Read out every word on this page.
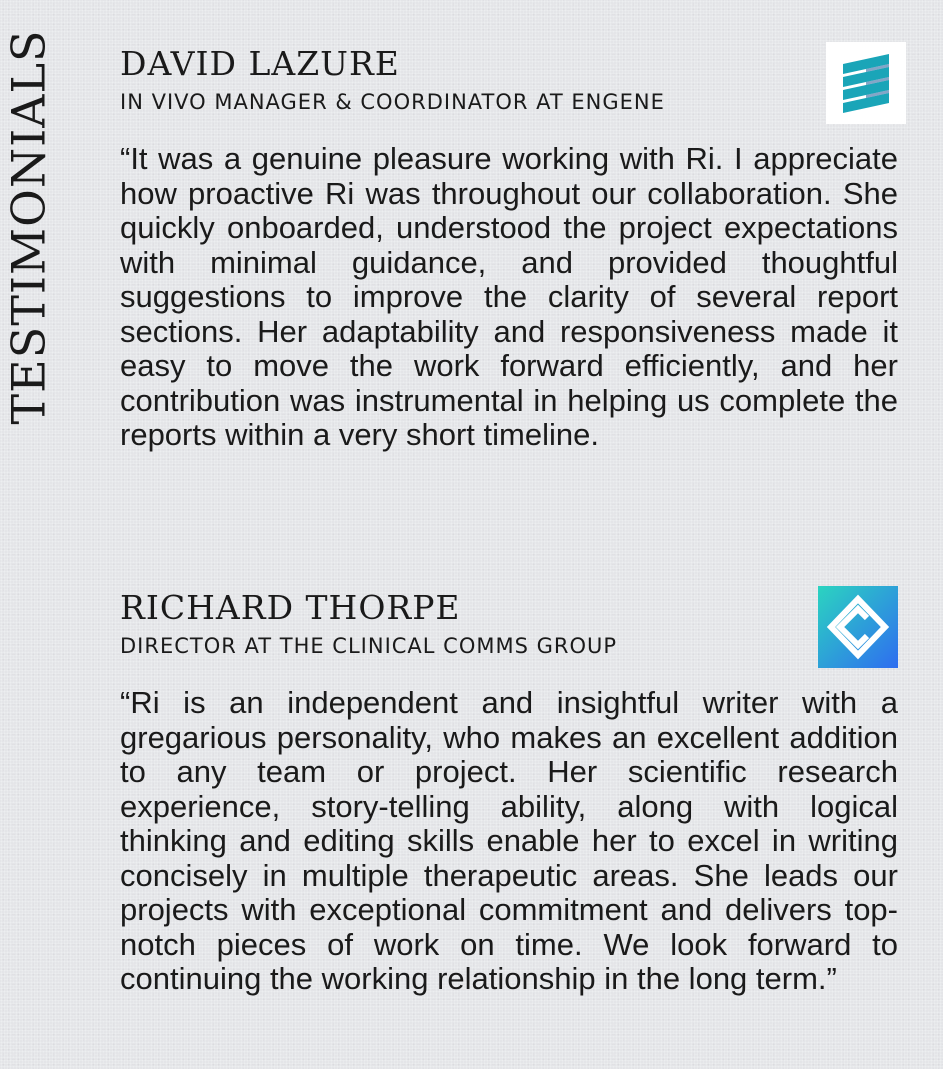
TESTIMONIALS DAVID LAZURE
IN VIVO MANAGER & COORDINATOR AT ENGENE
“It was a genuine pleasure working with Ri. I appreciate how proactive Ri was throughout our collaboration. She quickly onboarded, understood the project expectations with minimal guidance, and provided thoughtful suggestions to improve the clarity of several report sections. Her adaptability and responsiveness made it easy to move the work forward efficiently, and her contribution was instrumental in helping us complete the reports within a very short timeline.
RICHARD THORPE
DIRECTOR AT THE CLINICAL COMMS GROUP
“Ri is an independent and insightful writer with a gregarious personality, who makes an excellent addition to any team or project. Her scientific research experience, story-telling ability, along with logical thinking and editing skills enable her to excel in writing concisely in multiple therapeutic areas. She leads our projects with exceptional commitment and delivers top-notch pieces of work on time. We look forward to continuing the working relationship in the long term.”
